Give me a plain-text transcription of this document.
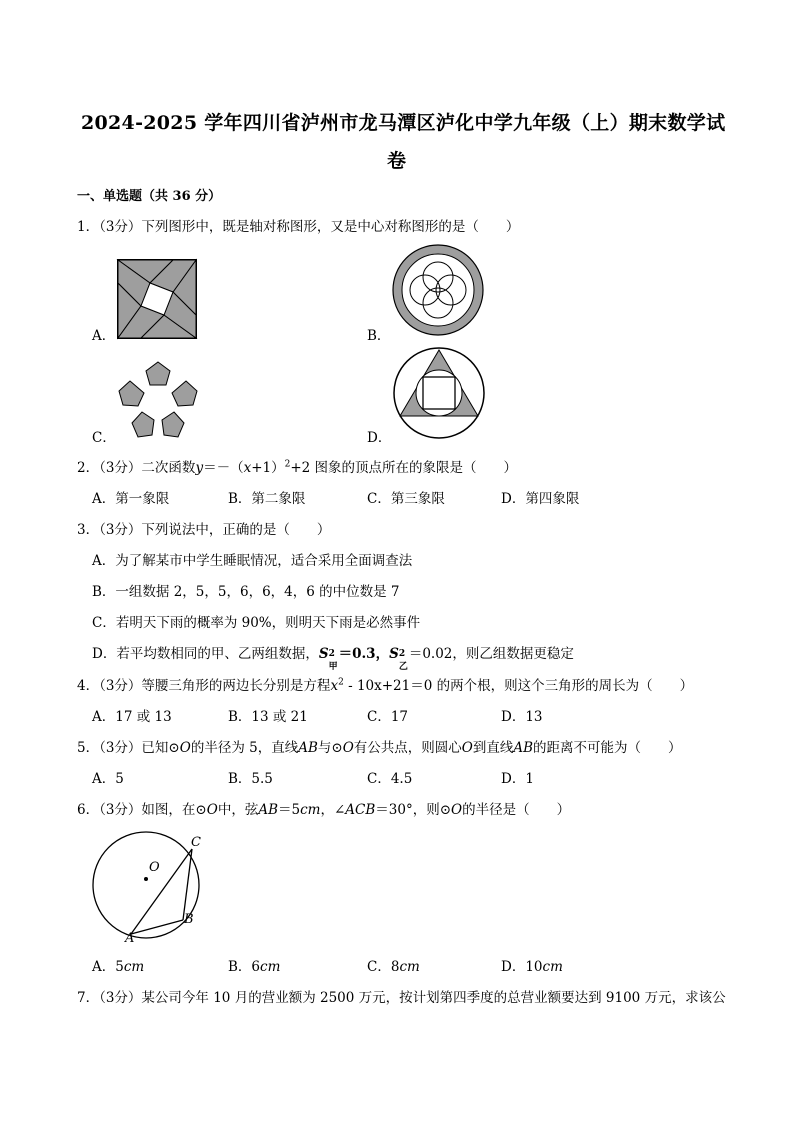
2024-2025 学年四川省泸州市龙马潭区泸化中学九年级（上）期末数学试
卷
一、单选题（共 36 分）
1．（3分）下列图形中，既是轴对称图形，又是中心对称图形的是（　　）
A．	B．
C．	D．
2．（3分）二次函数$y=-(x+1)^2+2$ 图象的顶点所在的象限是（　　）
A．第一象限	B．第二象限	C．第三象限	D．第四象限
3．（3分）下列说法中，正确的是（　　）
A．为了解某市中学生睡眠情况，适合采用全面调查法
B．一组数据 2，5，5，6，6，4，6 的中位数是 7
C．若明天下雨的概率为 90%，则明天下雨是必然事件
D．若平均数相同的甲、乙两组数据，S 2
甲
＝0.3，S 2
乙
＝0.02，则乙组数据更稳定
4．（3分）等腰三角形的两边长分别是方程$x^2 - 10x+21=0$ 的两个根，则这个三角形的周长为（　　）
A．17 或 13	B．13 或 21	C．17	D．13
5．（3分）已知⊙O的半径为 5，直线AB与⊙O有公共点，则圆心O到直线AB的距离不可能为（　　）
A．5	B．5.5	C．4.5	D．1
6．（3分）如图，在⊙O中，弦AB＝5cm，∠ACB＝30°，则⊙O的半径是（　　）
O
C
A
B
A．5cm	B．6cm	C．8cm	D．10cm
7．（3分）某公司今年 10 月的营业额为 2500 万元，按计划第四季度的总营业额要达到 9100 万元，求该公
